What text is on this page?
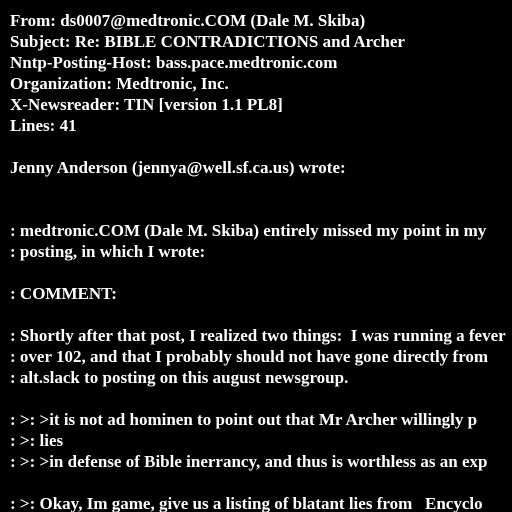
From: ds0007@medtronic.COM (Dale M. Skiba)
Subject: Re: BIBLE CONTRADICTIONS and Archer
Nntp-Posting-Host: bass.pace.medtronic.com
Organization: Medtronic, Inc.
X-Newsreader: TIN [version 1.1 PL8]
Lines: 41
Jenny Anderson (jennya@well.sf.ca.us) wrote:
: medtronic.COM (Dale M. Skiba) entirely missed my point in my
: posting, in which I wrote:
: COMMENT:
: Shortly after that post, I realized two things:  I was running a fever
: over 102, and that I probably should not have gone directly from
: alt.slack to posting on this august newsgroup.
: >: >it is not ad hominen to point out that Mr Archer willingly p
: >: lies
: >: >in defense of Bible inerrancy, and thus is worthless as an exp
: >: Okay, Im game, give us a listing of blatant lies from   Encyclo
